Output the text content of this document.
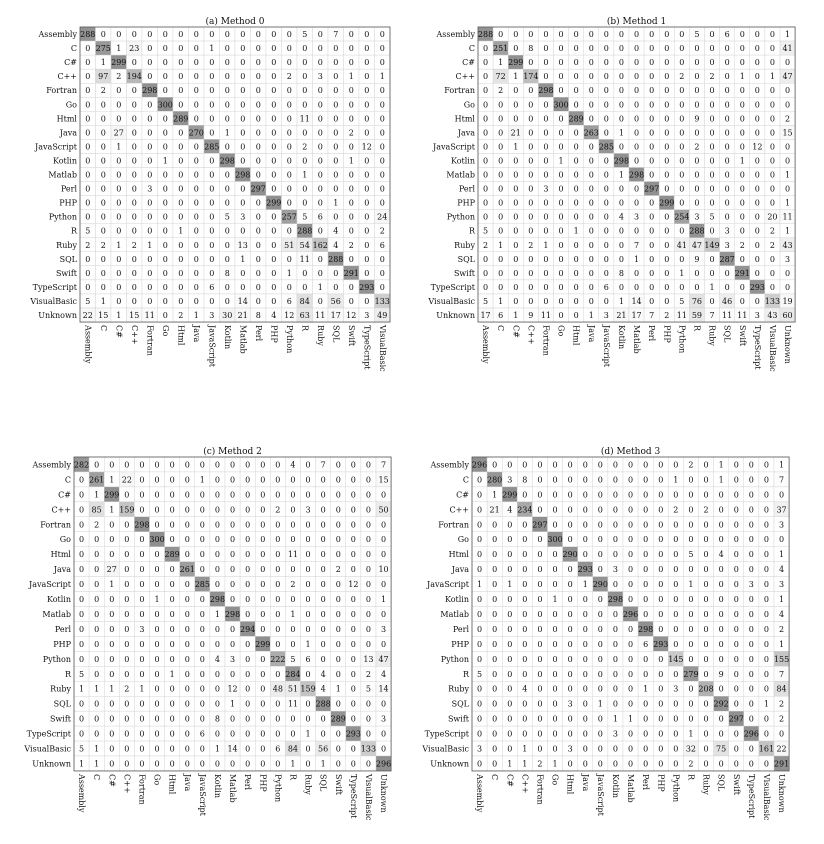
(a) Method 0
288 0 0 0 0 0 0 0 0 0 0 0 0 0 5 0 7 0 0 0
0 275 1 23 0 0 0 0 1 0 0 0 0 0 0 0 0 0 0 0
0 1 299 0 0 0 0 0 0 0 0 0 0 0 0 0 0 0 0 0
0 97 2 194 0 0 0 0 0 0 0 0 0 2 0 3 0 1 0 1
0 2 0 0 298 0 0 0 0 0 0 0 0 0 0 0 0 0 0 0
0 0 0 0 0 300 0 0 0 0 0 0 0 0 0 0 0 0 0 0
0 0 0 0 0 0 289 0 0 0 0 0 0 0 11 0 0 0 0 0
0 0 27 0 0 0 0 270 0 1 0 0 0 0 0 0 0 2 0 0
0 0 1 0 0 0 0 0 285 0 0 0 0 0 2 0 0 0 12 0
0 0 0 0 0 1 0 0 0 298 0 0 0 0 0 0 0 1 0 0
0 0 0 0 0 0 0 0 0 0 298 0 0 0 1 0 0 0 0 0
0 0 0 0 3 0 0 0 0 0 0 297 0 0 0 0 0 0 0 0
0 0 0 0 0 0 0 0 0 0 0 0 299 0 0 0 1 0 0 0
0 0 0 0 0 0 0 0 0 5 3 0 0 257 5 6 0 0 0 24
5 0 0 0 0 0 1 0 0 0 0 0 0 0 288 0 4 0 0 2
2 2 1 2 1 0 0 0 0 0 13 0 0 51 54 162 4 2 0 6
0 0 0 0 0 0 0 0 0 0 1 0 0 0 11 0 288 0 0 0
0 0 0 0 0 0 0 0 0 8 0 0 0 1 0 0 0 291 0 0
0 0 0 0 0 0 0 0 6 0 0 0 0 0 0 1 0 0 293 0
5 1 0 0 0 0 0 0 0 0 14 0 0 6 84 0 56 0 0 133
22 15 1 15 11 0 2 1 3 30 21 8 4 12 63 11 17 12 3 49
Assembly
C
C#
C++
Fortran
Go
Html
Java
JavaScript
Kotlin
Matlab
Perl
PHP
Python
R
Ruby
SQL
Swift
TypeScript
VisualBasic
Unknown
Assembly C C# C++ Fortran Go Html Java JavaScript Kotlin Matlab Perl PHP Python R Ruby SQL Swift TypeScript VisualBasic
(b) Method 1
288 0 0 0 0 0 0 0 0 0 0 0 0 0 5 0 6 0 0 0 1
0 251 0 8 0 0 0 0 0 0 0 0 0 0 0 0 0 0 0 0 41
0 1 299 0 0 0 0 0 0 0 0 0 0 0 0 0 0 0 0 0 0
0 72 1 174 0 0 0 0 0 0 0 0 0 2 0 2 0 1 0 1 47
0 2 0 0 298 0 0 0 0 0 0 0 0 0 0 0 0 0 0 0 0
0 0 0 0 0 300 0 0 0 0 0 0 0 0 0 0 0 0 0 0 0
0 0 0 0 0 0 289 0 0 0 0 0 0 0 9 0 0 0 0 0 2
0 0 21 0 0 0 0 263 0 1 0 0 0 0 0 0 0 0 0 0 15
0 0 1 0 0 0 0 0 285 0 0 0 0 0 2 0 0 0 12 0 0
0 0 0 0 0 1 0 0 0 298 0 0 0 0 0 0 0 1 0 0 0
0 0 0 0 0 0 0 0 0 1 298 0 0 0 0 0 0 0 0 0 1
0 0 0 0 3 0 0 0 0 0 0 297 0 0 0 0 0 0 0 0 0
0 0 0 0 0 0 0 0 0 0 0 0 299 0 0 0 0 0 0 0 1
0 0 0 0 0 0 0 0 0 4 3 0 0 254 3 5 0 0 0 20 11
5 0 0 0 0 0 1 0 0 0 0 0 0 0 288 0 3 0 0 2 1
2 1 0 2 1 0 0 0 0 0 7 0 0 41 47 149 3 2 0 2 43
0 0 0 0 0 0 0 0 0 0 1 0 0 0 9 0 287 0 0 0 3
0 0 0 0 0 0 0 0 0 8 0 0 0 1 0 0 0 291 0 0 0
0 0 0 0 0 0 0 0 6 0 0 0 0 0 0 1 0 0 293 0 0
5 1 0 0 0 0 0 0 0 1 14 0 0 5 76 0 46 0 0 133 19
17 6 1 9 11 0 0 1 3 21 17 7 2 11 59 7 11 11 3 43 60
Assembly
C
C#
C++
Fortran
Go
Html
Java
JavaScript
Kotlin
Matlab
Perl
PHP
Python
R
Ruby
SQL
Swift
TypeScript
VisualBasic
Unknown
Assembly C C# C++ Fortran Go Html Java JavaScript Kotlin Matlab Perl PHP Python R Ruby SQL Swift TypeScript VisualBasic Unknown
(c) Method 2
282 0 0 0 0 0 0 0 0 0 0 0 0 0 4 0 7 0 0 0 7
0 261 1 22 0 0 0 0 1 0 0 0 0 0 0 0 0 0 0 0 15
0 1 299 0 0 0 0 0 0 0 0 0 0 0 0 0 0 0 0 0 0
0 85 1 159 0 0 0 0 0 0 0 0 0 2 0 3 0 0 0 0 50
0 2 0 0 298 0 0 0 0 0 0 0 0 0 0 0 0 0 0 0 0
0 0 0 0 0 300 0 0 0 0 0 0 0 0 0 0 0 0 0 0 0
0 0 0 0 0 0 289 0 0 0 0 0 0 0 11 0 0 0 0 0 0
0 0 27 0 0 0 0 261 0 0 0 0 0 0 0 0 0 2 0 0 10
0 0 1 0 0 0 0 0 285 0 0 0 0 0 2 0 0 0 12 0 0
0 0 0 0 0 1 0 0 0 298 0 0 0 0 0 0 0 0 0 0 1
0 0 0 0 0 0 0 0 0 1 298 0 0 0 1 0 0 0 0 0 0
0 0 0 0 3 0 0 0 0 0 0 294 0 0 0 0 0 0 0 0 3
0 0 0 0 0 0 0 0 0 0 0 0 299 0 0 1 0 0 0 0 0
0 0 0 0 0 0 0 0 0 4 3 0 0 222 5 6 0 0 0 13 47
5 0 0 0 0 0 1 0 0 0 0 0 0 0 284 0 4 0 0 2 4
1 1 1 2 1 0 0 0 0 0 12 0 0 48 51 159 4 1 0 5 14
0 0 0 0 0 0 0 0 0 0 1 0 0 0 11 0 288 0 0 0 0
0 0 0 0 0 0 0 0 0 8 0 0 0 0 0 0 0 289 0 0 3
0 0 0 0 0 0 0 0 6 0 0 0 0 0 0 1 0 0 293 0 0
5 1 0 0 0 0 0 0 0 1 14 0 0 6 84 0 56 0 0 133 0
1 1 0 0 0 0 0 0 0 0 0 0 0 0 1 0 1 0 0 0 296
Assembly
C
C#
C++
Fortran
Go
Html
Java
JavaScript
Kotlin
Matlab
Perl
PHP
Python
R
Ruby
SQL
Swift
TypeScript
VisualBasic
Unknown
Assembly C C# C++ Fortran Go Html Java JavaScript Kotlin Matlab Perl PHP Python R Ruby SQL Swift TypeScript VisualBasic Unknown
(d) Method 3
296 0 0 0 0 0 0 0 0 0 0 0 0 0 2 0 1 0 0 0 1
0 280 3 8 0 0 0 0 0 0 0 0 0 1 0 0 1 0 0 0 7
0 1 299 0 0 0 0 0 0 0 0 0 0 0 0 0 0 0 0 0 0
0 21 4 234 0 0 0 0 0 0 0 0 0 2 0 2 0 0 0 0 37
0 0 0 0 297 0 0 0 0 0 0 0 0 0 0 0 0 0 0 0 3
0 0 0 0 0 300 0 0 0 0 0 0 0 0 0 0 0 0 0 0 0
0 0 0 0 0 0 290 0 0 0 0 0 0 0 5 0 4 0 0 0 1
0 0 0 0 0 0 0 293 0 3 0 0 0 0 0 0 0 0 0 0 4
1 0 1 0 0 0 0 1 290 0 0 0 0 0 1 0 0 0 3 0 3
0 0 0 0 0 1 0 0 0 298 0 0 0 0 0 0 0 0 0 0 1
0 0 0 0 0 0 0 0 0 0 296 0 0 0 0 0 0 0 0 0 4
0 0 0 0 0 0 0 0 0 0 0 298 0 0 0 0 0 0 0 0 2
0 0 0 0 0 0 0 0 0 0 0 6 293 0 0 0 0 0 0 0 1
0 0 0 0 0 0 0 0 0 0 0 0 0 145 0 0 0 0 0 0 155
5 0 0 0 0 0 0 0 0 0 0 0 0 0 279 0 9 0 0 0 7
0 0 0 4 0 0 0 0 0 0 0 1 0 3 0 208 0 0 0 0 84
0 0 0 0 0 0 3 0 1 0 0 0 0 0 0 0 292 0 0 1 2
0 0 0 0 0 0 0 0 0 1 1 0 0 0 0 0 0 297 0 0 2
0 0 0 0 0 0 0 0 0 3 0 0 0 0 1 0 0 0 296 0 0
3 0 0 1 0 0 3 0 0 0 0 0 0 0 32 0 75 0 0 161 22
0 0 1 1 2 1 0 0 0 0 0 0 0 0 2 0 0 0 0 0 291
Assembly
C
C#
C++
Fortran
Go
Html
Java
JavaScript
Kotlin
Matlab
Perl
PHP
Python
R
Ruby
SQL
Swift
TypeScript
VisualBasic
Unknown
Assembly C C# C++ Fortran Go Html Java JavaScript Kotlin Matlab Perl PHP Python R Ruby SQL Swift TypeScript VisualBasic Unknown
